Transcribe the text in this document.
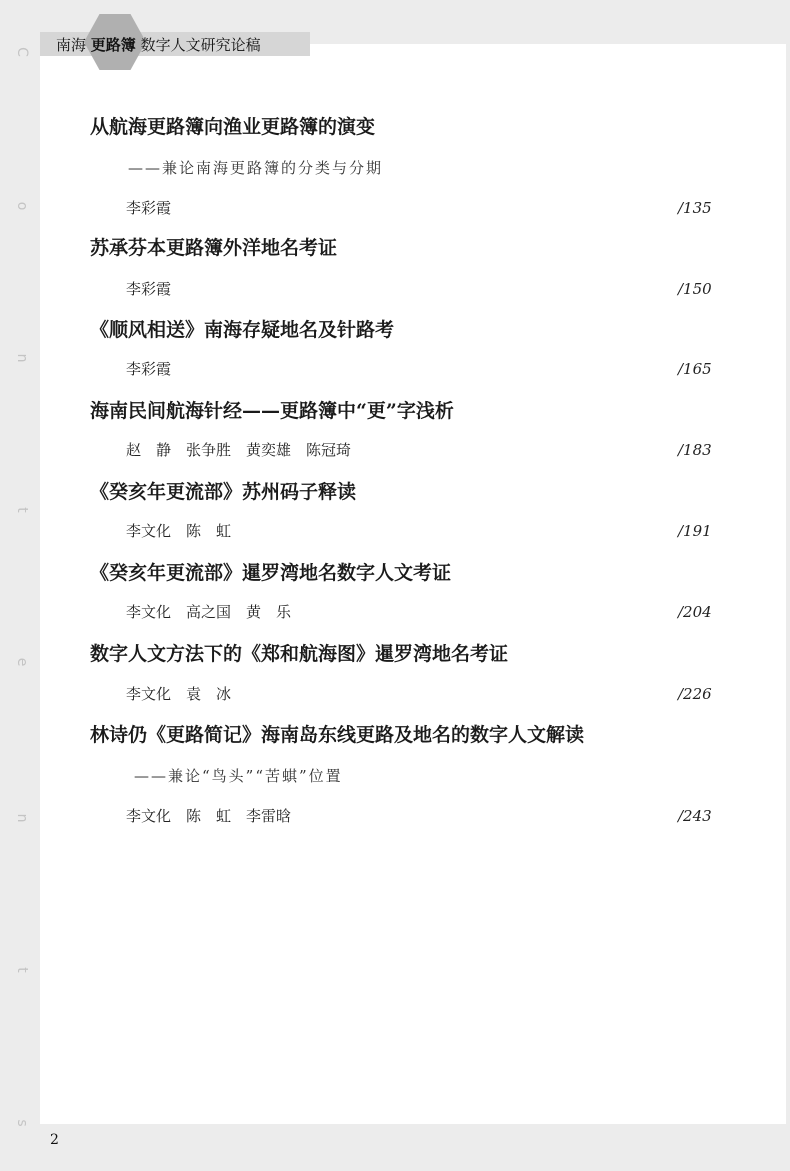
C
o
n
t
e
n
t
s
南海 更路簿 数字人文研究论稿
从航海更路簿向渔业更路簿的演变
——兼论南海更路簿的分类与分期
李彩霞	/135
苏承芬本更路簿外洋地名考证
李彩霞	/150
《顺风相送》南海存疑地名及针路考
李彩霞	/165
海南民间航海针经——更路簿中“更”字浅析
赵　静　张争胜　黄奕雄　陈冠琦	/183
《癸亥年更流部》苏州码子释读
李文化　陈　虹	/191
《癸亥年更流部》暹罗湾地名数字人文考证
李文化　高之国　黄　乐	/204
数字人文方法下的《郑和航海图》暹罗湾地名考证
李文化　袁　冰	/226
林诗仍《更路简记》海南岛东线更路及地名的数字人文解读
——兼论“鸟头”“苦蜞”位置
李文化　陈　虹　李雷晗	/243
2
